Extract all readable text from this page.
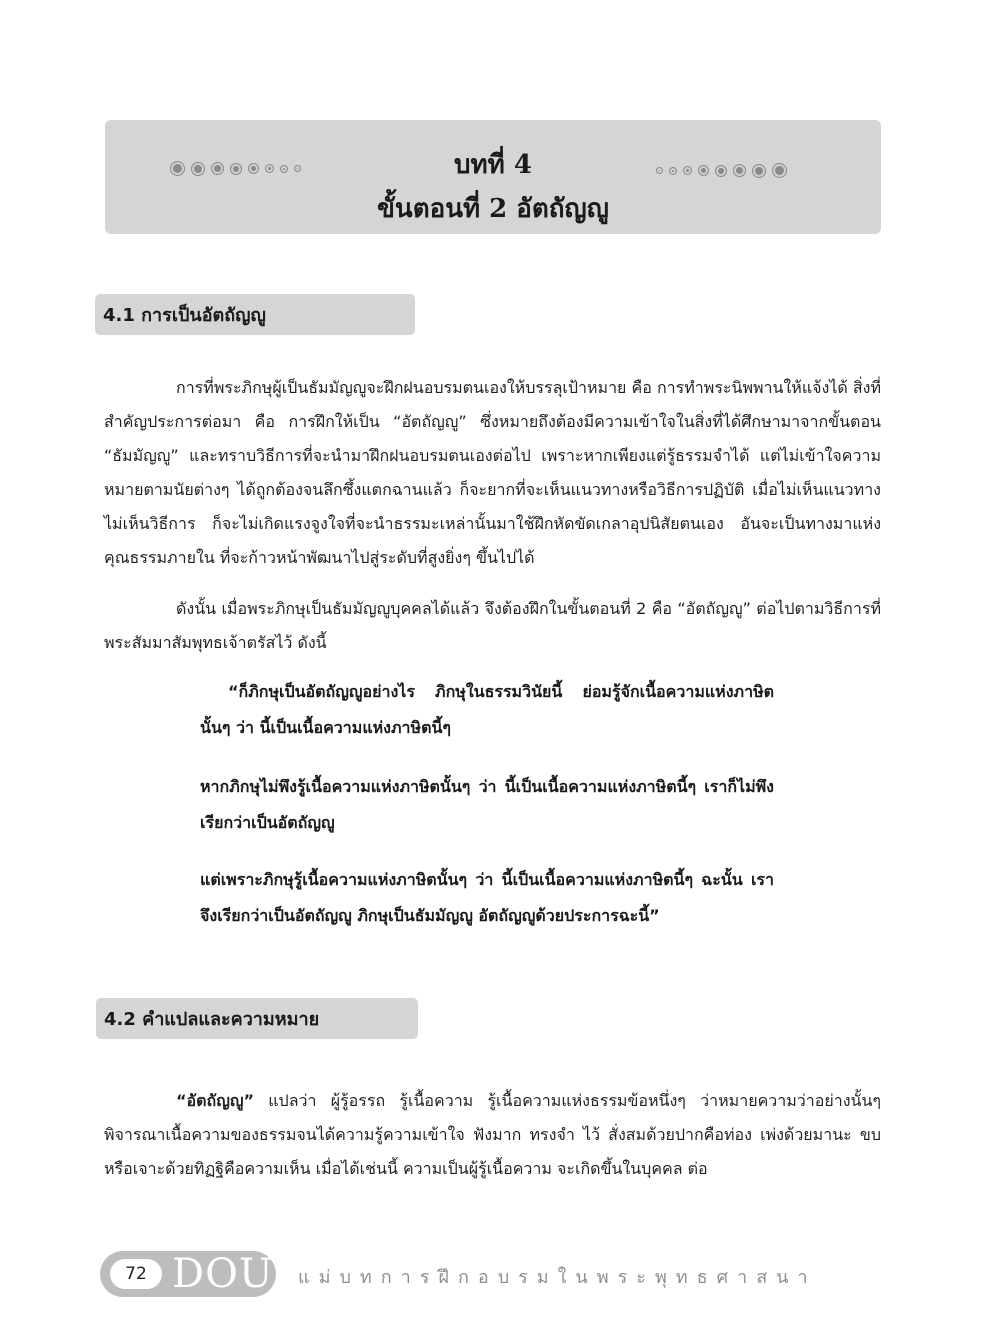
บทที่ 4
ขั้นตอนที่ 2 อัตถัญญู
4.1 การเป็นอัตถัญญู

การที่พระภิกษุผู้เป็นธัมมัญญูจะฝึกฝนอบรมตนเองให้บรรลุเป้าหมาย คือ การทำพระนิพพานให้แจ้งได้ สิ่งที่สำคัญประการต่อมา คือ การฝึกให้เป็น “อัตถัญญู” ซึ่งหมายถึงต้องมีความเข้าใจในสิ่งที่ได้ศึกษามาจากขั้นตอน “ธัมมัญญู” และทราบวิธีการที่จะนำมาฝึกฝนอบรมตนเองต่อไป เพราะหากเพียงแต่รู้ธรรมจำได้ แต่ไม่เข้าใจความหมายตามนัยต่างๆ ได้ถูกต้องจนลึกซึ้งแตกฉานแล้ว ก็จะยากที่จะเห็นแนวทางหรือวิธีการปฏิบัติ เมื่อไม่เห็นแนวทาง ไม่เห็นวิธีการ ก็จะไม่เกิดแรงจูงใจที่จะนำธรรมะเหล่านั้นมาใช้ฝึกหัดขัดเกลาอุปนิสัยตนเอง อันจะเป็นทางมาแห่งคุณธรรมภายใน ที่จะก้าวหน้าพัฒนาไปสู่ระดับที่สูงยิ่งๆ ขึ้นไปได้

ดังนั้น เมื่อพระภิกษุเป็นธัมมัญญูบุคคลได้แล้ว จึงต้องฝึกในขั้นตอนที่ 2 คือ “อัตถัญญู” ต่อไปตามวิธีการที่พระสัมมาสัมพุทธเจ้าตรัสไว้ ดังนี้

“ก็ภิกษุเป็นอัตถัญญูอย่างไร ภิกษุในธรรมวินัยนี้ ย่อมรู้จักเนื้อความแห่งภาษิตนั้นๆ ว่า นี้เป็นเนื้อความแห่งภาษิตนี้ๆ

หากภิกษุไม่พึงรู้เนื้อความแห่งภาษิตนั้นๆ ว่า นี้เป็นเนื้อความแห่งภาษิตนี้ๆ เราก็ไม่พึงเรียกว่าเป็นอัตถัญญู

แต่เพราะภิกษุรู้เนื้อความแห่งภาษิตนั้นๆ ว่า นี้เป็นเนื้อความแห่งภาษิตนี้ๆ ฉะนั้น เราจึงเรียกว่าเป็นอัตถัญญู ภิกษุเป็นธัมมัญญู อัตถัญญูด้วยประการฉะนี้”

4.2 คำแปลและความหมาย

“อัตถัญญู” แปลว่า ผู้รู้อรรถ รู้เนื้อความ รู้เนื้อความแห่งธรรมข้อหนึ่งๆ ว่าหมายความว่าอย่างนั้นๆ พิจารณาเนื้อความของธรรมจนได้ความรู้ความเข้าใจ ฟังมาก ทรงจำ ไว้ สั่งสมด้วยปากคือท่อง เพ่งด้วยมานะ ขบหรือเจาะด้วยทิฏฐิคือความเห็น เมื่อได้เช่นนี้ ความเป็นผู้รู้เนื้อความ จะเกิดขึ้นในบุคคล ต่อ

72 DOU แม่บทการฝึกอบรมในพระพุทธศาสนา
